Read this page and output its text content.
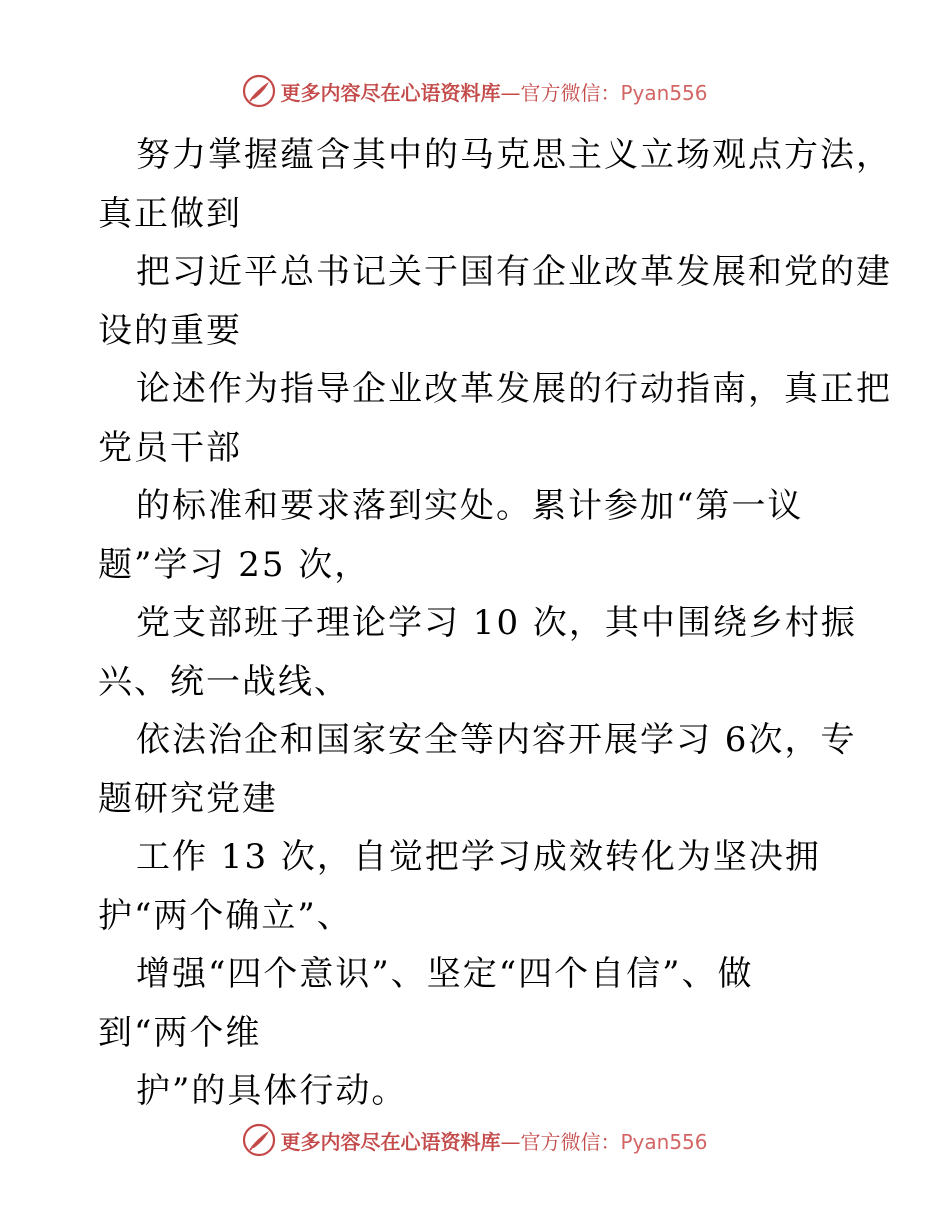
更多内容尽在心语资料库—官方微信：Pyan556
努力掌握蕴含其中的马克思主义立场观点方法，
真正做到
把习近平总书记关于国有企业改革发展和党的建
设的重要
论述作为指导企业改革发展的行动指南，真正把
党员干部
的标准和要求落到实处。累计参加“第一议
题”学习 25 次，
党支部班子理论学习 10 次，其中围绕乡村振
兴、统一战线、
依法治企和国家安全等内容开展学习 6次，专
题研究党建
工作 13 次，自觉把学习成效转化为坚决拥
护“两个确立”、
增强“四个意识”、坚定“四个自信”、做
到“两个维
护”的具体行动。
更多内容尽在心语资料库—官方微信：Pyan556
